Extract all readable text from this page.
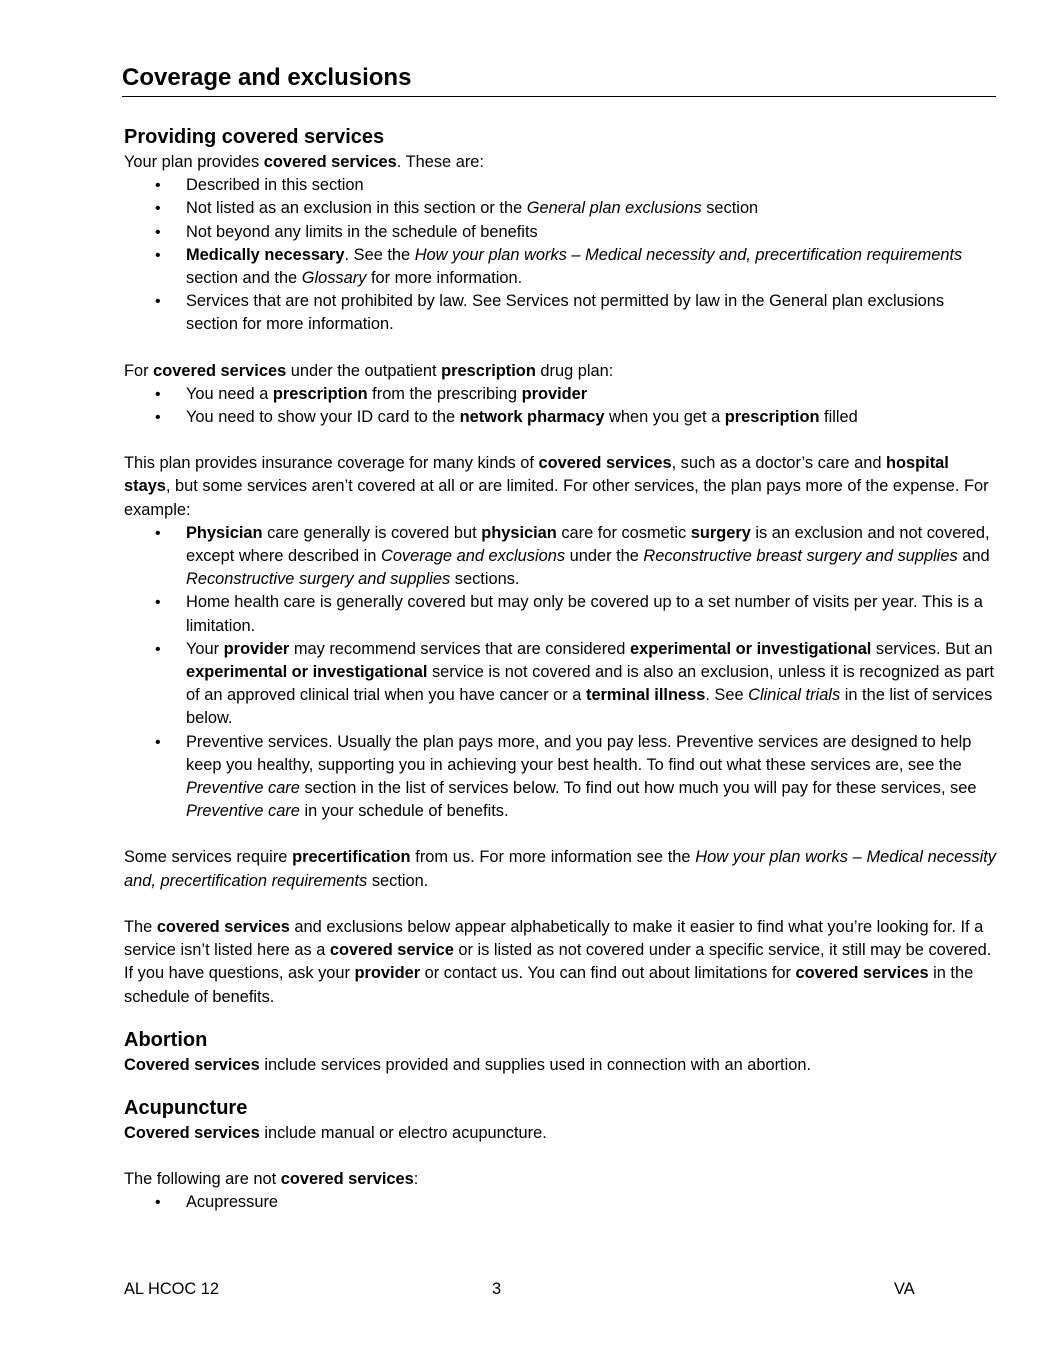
Coverage and exclusions
Providing covered services

Your plan provides covered services. These are:

• Described in this section
• Not listed as an exclusion in this section or the General plan exclusions section
• Not beyond any limits in the schedule of benefits
• Medically necessary. See the How your plan works – Medical necessity and, precertification requirements section and the Glossary for more information.
• Services that are not prohibited by law. See Services not permitted by law in the General plan exclusions section for more information.

For covered services under the outpatient prescription drug plan:

• You need a prescription from the prescribing provider
• You need to show your ID card to the network pharmacy when you get a prescription filled

This plan provides insurance coverage for many kinds of covered services, such as a doctor’s care and hospital stays, but some services aren’t covered at all or are limited. For other services, the plan pays more of the expense. For example:

• Physician care generally is covered but physician care for cosmetic surgery is an exclusion and not covered, except where described in Coverage and exclusions under the Reconstructive breast surgery and supplies and Reconstructive surgery and supplies sections.
• Home health care is generally covered but may only be covered up to a set number of visits per year. This is a limitation.
• Your provider may recommend services that are considered experimental or investigational services. But an experimental or investigational service is not covered and is also an exclusion, unless it is recognized as part of an approved clinical trial when you have cancer or a terminal illness. See Clinical trials in the list of services below.
• Preventive services. Usually the plan pays more, and you pay less. Preventive services are designed to help keep you healthy, supporting you in achieving your best health. To find out what these services are, see the Preventive care section in the list of services below. To find out how much you will pay for these services, see Preventive care in your schedule of benefits.

Some services require precertification from us. For more information see the How your plan works – Medical necessity and, precertification requirements section.

The covered services and exclusions below appear alphabetically to make it easier to find what you’re looking for. If a service isn’t listed here as a covered service or is listed as not covered under a specific service, it still may be covered. If you have questions, ask your provider or contact us. You can find out about limitations for covered services in the schedule of benefits.

Abortion

Covered services include services provided and supplies used in connection with an abortion.

Acupuncture

Covered services include manual or electro acupuncture.

The following are not covered services:

• Acupressure
AL HCOC 12	3	VA
